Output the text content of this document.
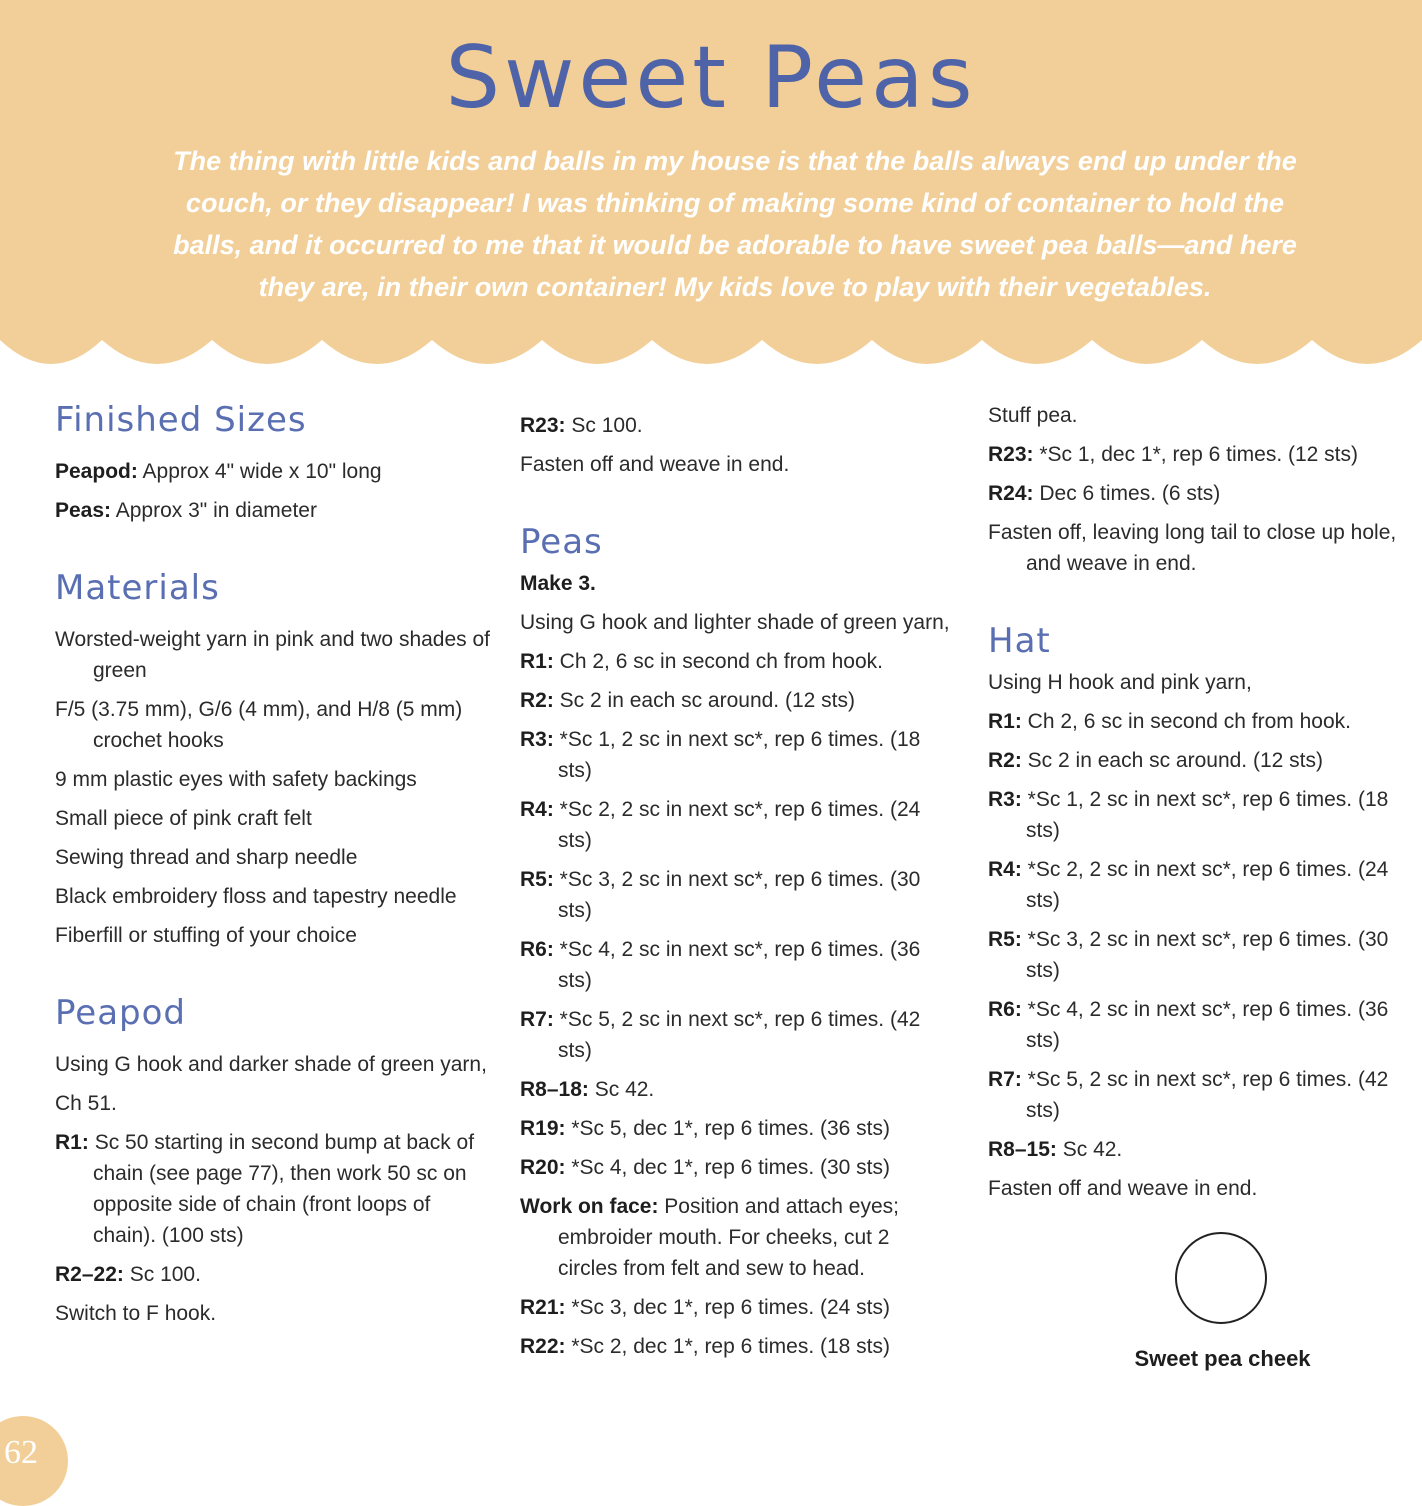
Sweet Peas
The thing with little kids and balls in my house is that the balls always end up under the couch, or they disappear! I was thinking of making some kind of container to hold the balls, and it occurred to me that it would be adorable to have sweet pea balls—and here they are, in their own container! My kids love to play with their vegetables.
Finished Sizes

Peapod: Approx 4" wide x 10" long

Peas: Approx 3" in diameter

Materials

Worsted-weight yarn in pink and two shades of green

F/5 (3.75 mm), G/6 (4 mm), and H/8 (5 mm) crochet hooks

9 mm plastic eyes with safety backings

Small piece of pink craft felt

Sewing thread and sharp needle

Black embroidery floss and tapestry needle

Fiberfill or stuffing of your choice

Peapod

Using G hook and darker shade of green yarn,

Ch 51.

R1: Sc 50 starting in second bump at back of chain (see page 77), then work 50 sc on opposite side of chain (front loops of chain). (100 sts)

R2–22: Sc 100.

Switch to F hook.

R23: Sc 100.

Fasten off and weave in end.

Peas

Make 3.

Using G hook and lighter shade of green yarn,

R1: Ch 2, 6 sc in second ch from hook.

R2: Sc 2 in each sc around. (12 sts)

R3: *Sc 1, 2 sc in next sc*, rep 6 times. (18 sts)

R4: *Sc 2, 2 sc in next sc*, rep 6 times. (24 sts)

R5: *Sc 3, 2 sc in next sc*, rep 6 times. (30 sts)

R6: *Sc 4, 2 sc in next sc*, rep 6 times. (36 sts)

R7: *Sc 5, 2 sc in next sc*, rep 6 times. (42 sts)

R8–18: Sc 42.

R19: *Sc 5, dec 1*, rep 6 times. (36 sts)

R20: *Sc 4, dec 1*, rep 6 times. (30 sts)

Work on face: Position and attach eyes; embroider mouth. For cheeks, cut 2 circles from felt and sew to head.

R21: *Sc 3, dec 1*, rep 6 times. (24 sts)

R22: *Sc 2, dec 1*, rep 6 times. (18 sts)

Stuff pea.

R23: *Sc 1, dec 1*, rep 6 times. (12 sts)

R24: Dec 6 times. (6 sts)

Fasten off, leaving long tail to close up hole, and weave in end.

Hat

Using H hook and pink yarn,

R1: Ch 2, 6 sc in second ch from hook.

R2: Sc 2 in each sc around. (12 sts)

R3: *Sc 1, 2 sc in next sc*, rep 6 times. (18 sts)

R4: *Sc 2, 2 sc in next sc*, rep 6 times. (24 sts)

R5: *Sc 3, 2 sc in next sc*, rep 6 times. (30 sts)

R6: *Sc 4, 2 sc in next sc*, rep 6 times. (36 sts)

R7: *Sc 5, 2 sc in next sc*, rep 6 times. (42 sts)

R8–15: Sc 42.

Fasten off and weave in end.

Sweet pea cheek
62
